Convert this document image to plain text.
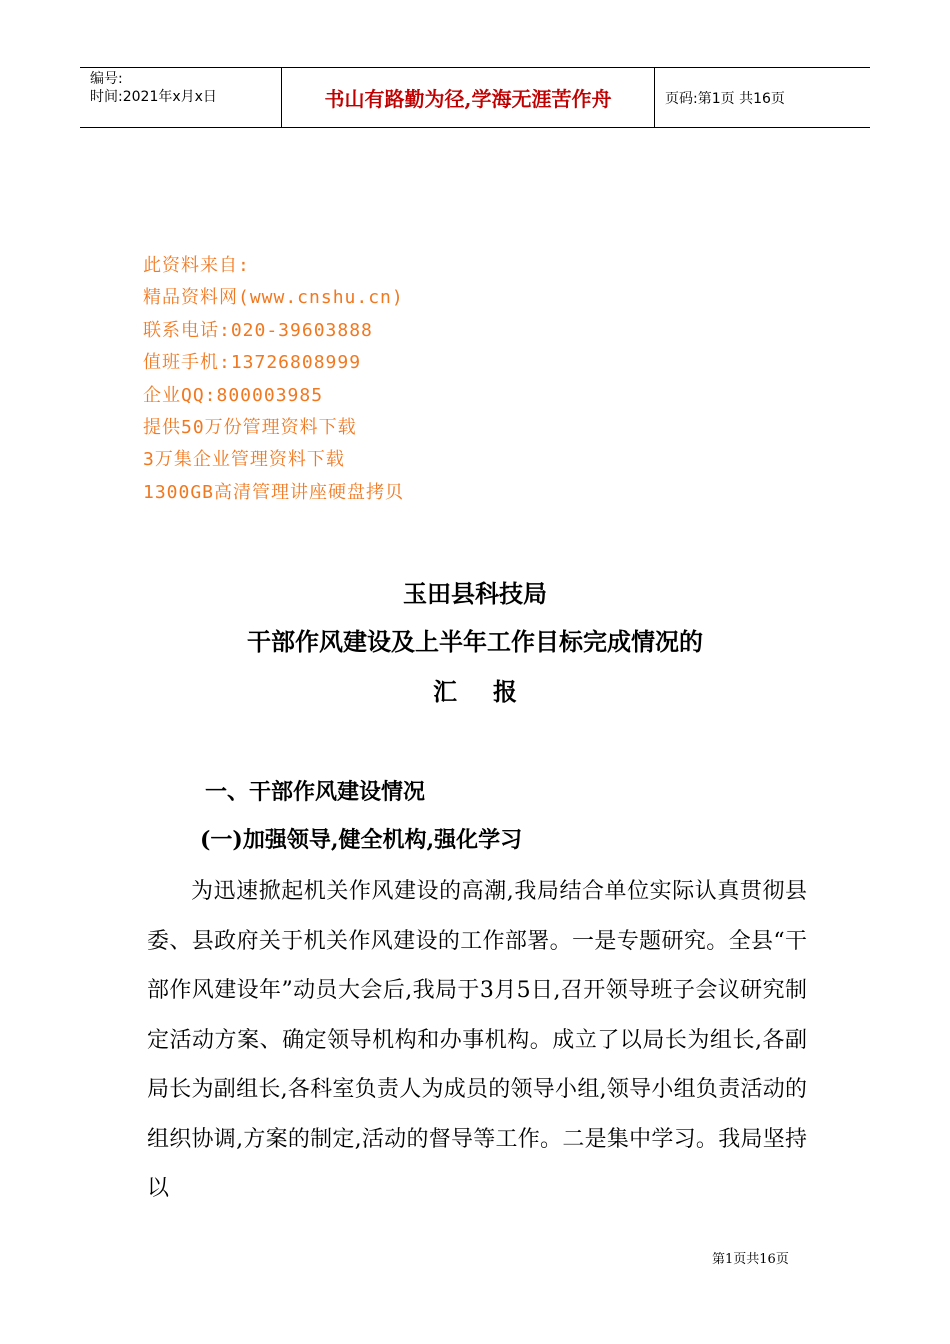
编号:
时间:2021年x月x日	书山有路勤为径,学海无涯苦作舟	页码:第1页 共16页
此资料来自:
精品资料网(www.cnshu.cn)
联系电话:020-39603888
值班手机:13726808999
企业QQ:800003985
提供50万份管理资料下载
3万集企业管理资料下载
1300GB高清管理讲座硬盘拷贝
玉田县科技局
干部作风建设及上半年工作目标完成情况的
汇 报
一、干部作风建设情况
(一)加强领导,健全机构,强化学习
为迅速掀起机关作风建设的高潮,我局结合单位实际认真贯彻县委、县政府关于机关作风建设的工作部署。一是专题研究。全县“干部作风建设年”动员大会后,我局于3月5日,召开领导班子会议研究制定活动方案、确定领导机构和办事机构。成立了以局长为组长,各副局长为副组长,各科室负责人为成员的领导小组,领导小组负责活动的组织协调,方案的制定,活动的督导等工作。二是集中学习。我局坚持以
第1页共16页
